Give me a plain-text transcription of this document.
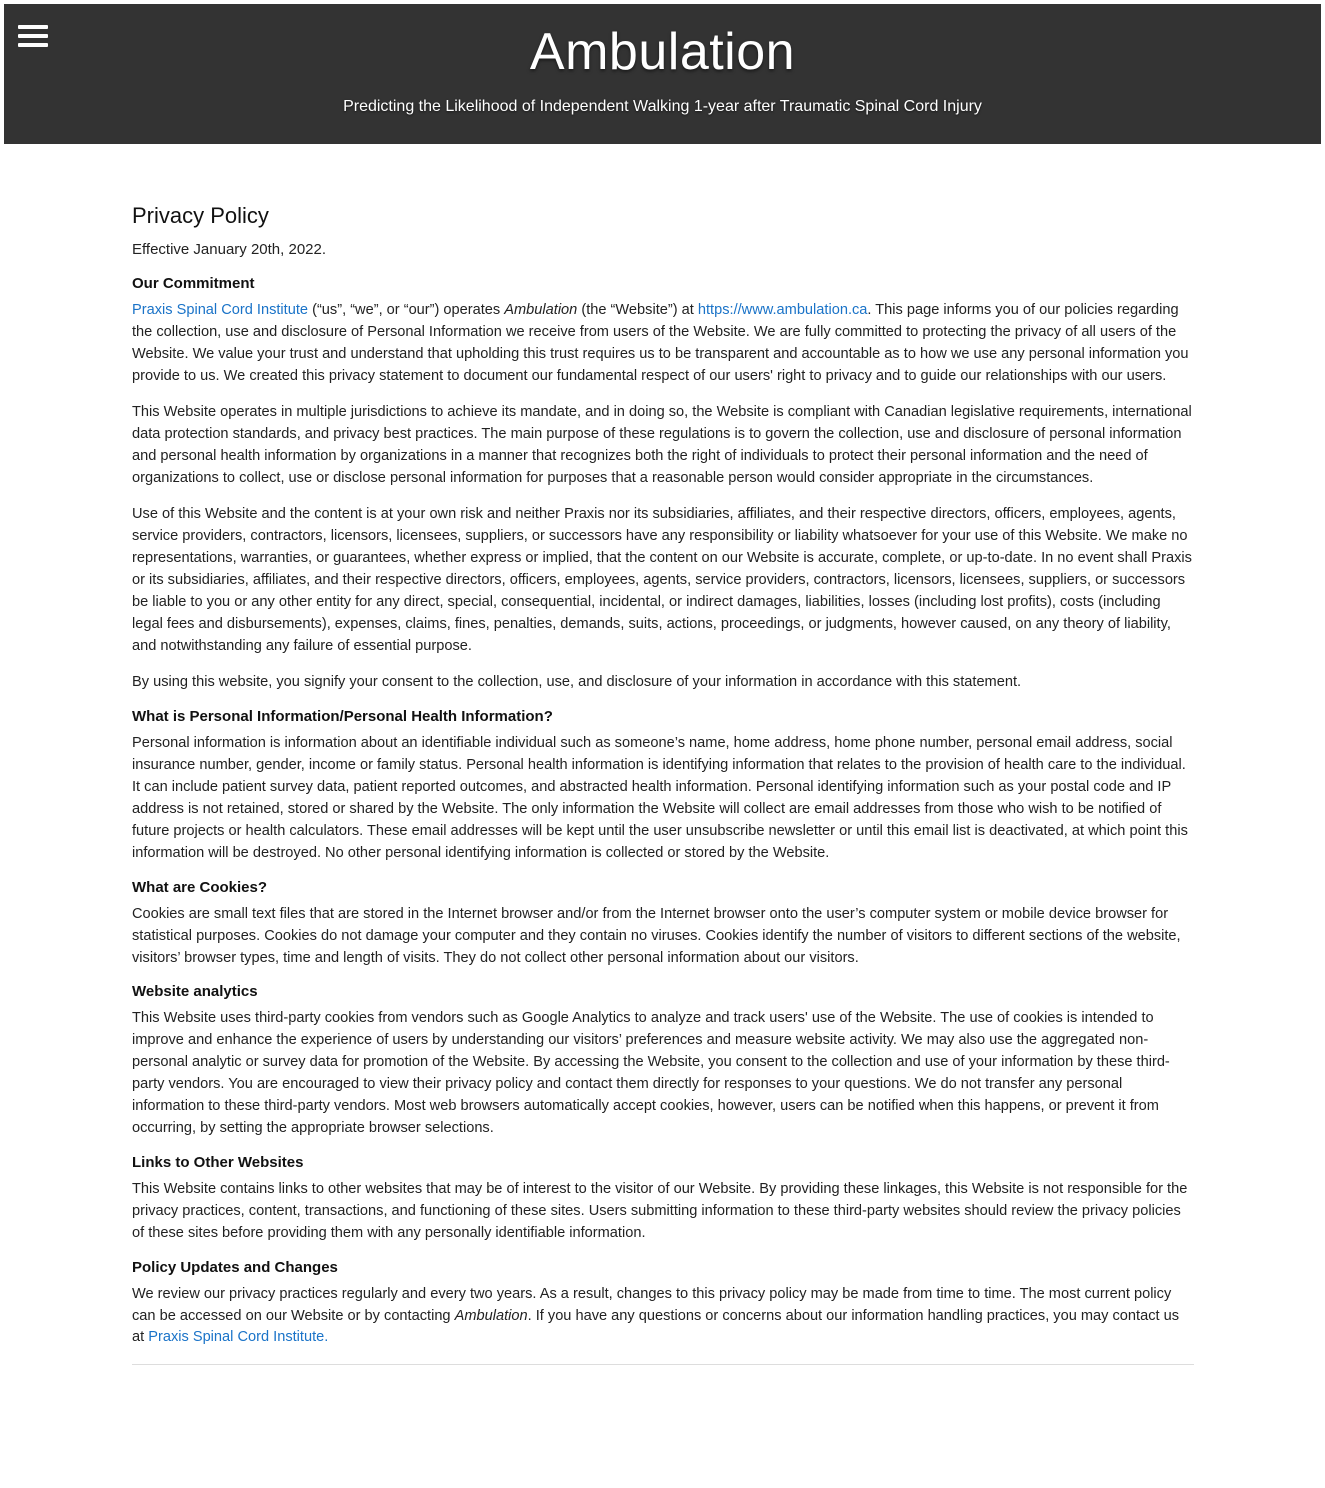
Ambulation
Predicting the Likelihood of Independent Walking 1-year after Traumatic Spinal Cord Injury
Privacy Policy
Effective January 20th, 2022.
Our Commitment

Praxis Spinal Cord Institute (“us”, “we”, or “our”) operates Ambulation (the “Website”) at https://www.ambulation.ca. This page informs you of our policies regarding the collection, use and disclosure of Personal Information we receive from users of the Website. We are fully committed to protecting the privacy of all users of the Website. We value your trust and understand that upholding this trust requires us to be transparent and accountable as to how we use any personal information you provide to us. We created this privacy statement to document our fundamental respect of our users' right to privacy and to guide our relationships with our users.

This Website operates in multiple jurisdictions to achieve its mandate, and in doing so, the Website is compliant with Canadian legislative requirements, international data protection standards, and privacy best practices. The main purpose of these regulations is to govern the collection, use and disclosure of personal information and personal health information by organizations in a manner that recognizes both the right of individuals to protect their personal information and the need of organizations to collect, use or disclose personal information for purposes that a reasonable person would consider appropriate in the circumstances.

Use of this Website and the content is at your own risk and neither Praxis nor its subsidiaries, affiliates, and their respective directors, officers, employees, agents, service providers, contractors, licensors, licensees, suppliers, or successors have any responsibility or liability whatsoever for your use of this Website. We make no representations, warranties, or guarantees, whether express or implied, that the content on our Website is accurate, complete, or up-to-date. In no event shall Praxis or its subsidiaries, affiliates, and their respective directors, officers, employees, agents, service providers, contractors, licensors, licensees, suppliers, or successors be liable to you or any other entity for any direct, special, consequential, incidental, or indirect damages, liabilities, losses (including lost profits), costs (including legal fees and disbursements), expenses, claims, fines, penalties, demands, suits, actions, proceedings, or judgments, however caused, on any theory of liability, and notwithstanding any failure of essential purpose.

By using this website, you signify your consent to the collection, use, and disclosure of your information in accordance with this statement.

What is Personal Information/Personal Health Information?

Personal information is information about an identifiable individual such as someone’s name, home address, home phone number, personal email address, social insurance number, gender, income or family status. Personal health information is identifying information that relates to the provision of health care to the individual. It can include patient survey data, patient reported outcomes, and abstracted health information. Personal identifying information such as your postal code and IP address is not retained, stored or shared by the Website. The only information the Website will collect are email addresses from those who wish to be notified of future projects or health calculators. These email addresses will be kept until the user unsubscribe newsletter or until this email list is deactivated, at which point this information will be destroyed. No other personal identifying information is collected or stored by the Website.

What are Cookies?

Cookies are small text files that are stored in the Internet browser and/or from the Internet browser onto the user’s computer system or mobile device browser for statistical purposes. Cookies do not damage your computer and they contain no viruses. Cookies identify the number of visitors to different sections of the website, visitors’ browser types, time and length of visits. They do not collect other personal information about our visitors.

Website analytics

This Website uses third-party cookies from vendors such as Google Analytics to analyze and track users' use of the Website. The use of cookies is intended to improve and enhance the experience of users by understanding our visitors’ preferences and measure website activity. We may also use the aggregated non-personal analytic or survey data for promotion of the Website. By accessing the Website, you consent to the collection and use of your information by these third-party vendors. You are encouraged to view their privacy policy and contact them directly for responses to your questions. We do not transfer any personal information to these third-party vendors. Most web browsers automatically accept cookies, however, users can be notified when this happens, or prevent it from occurring, by setting the appropriate browser selections.

Links to Other Websites

This Website contains links to other websites that may be of interest to the visitor of our Website. By providing these linkages, this Website is not responsible for the privacy practices, content, transactions, and functioning of these sites. Users submitting information to these third-party websites should review the privacy policies of these sites before providing them with any personally identifiable information.

Policy Updates and Changes

We review our privacy practices regularly and every two years. As a result, changes to this privacy policy may be made from time to time. The most current policy can be accessed on our Website or by contacting Ambulation. If you have any questions or concerns about our information handling practices, you may contact us at Praxis Spinal Cord Institute.
